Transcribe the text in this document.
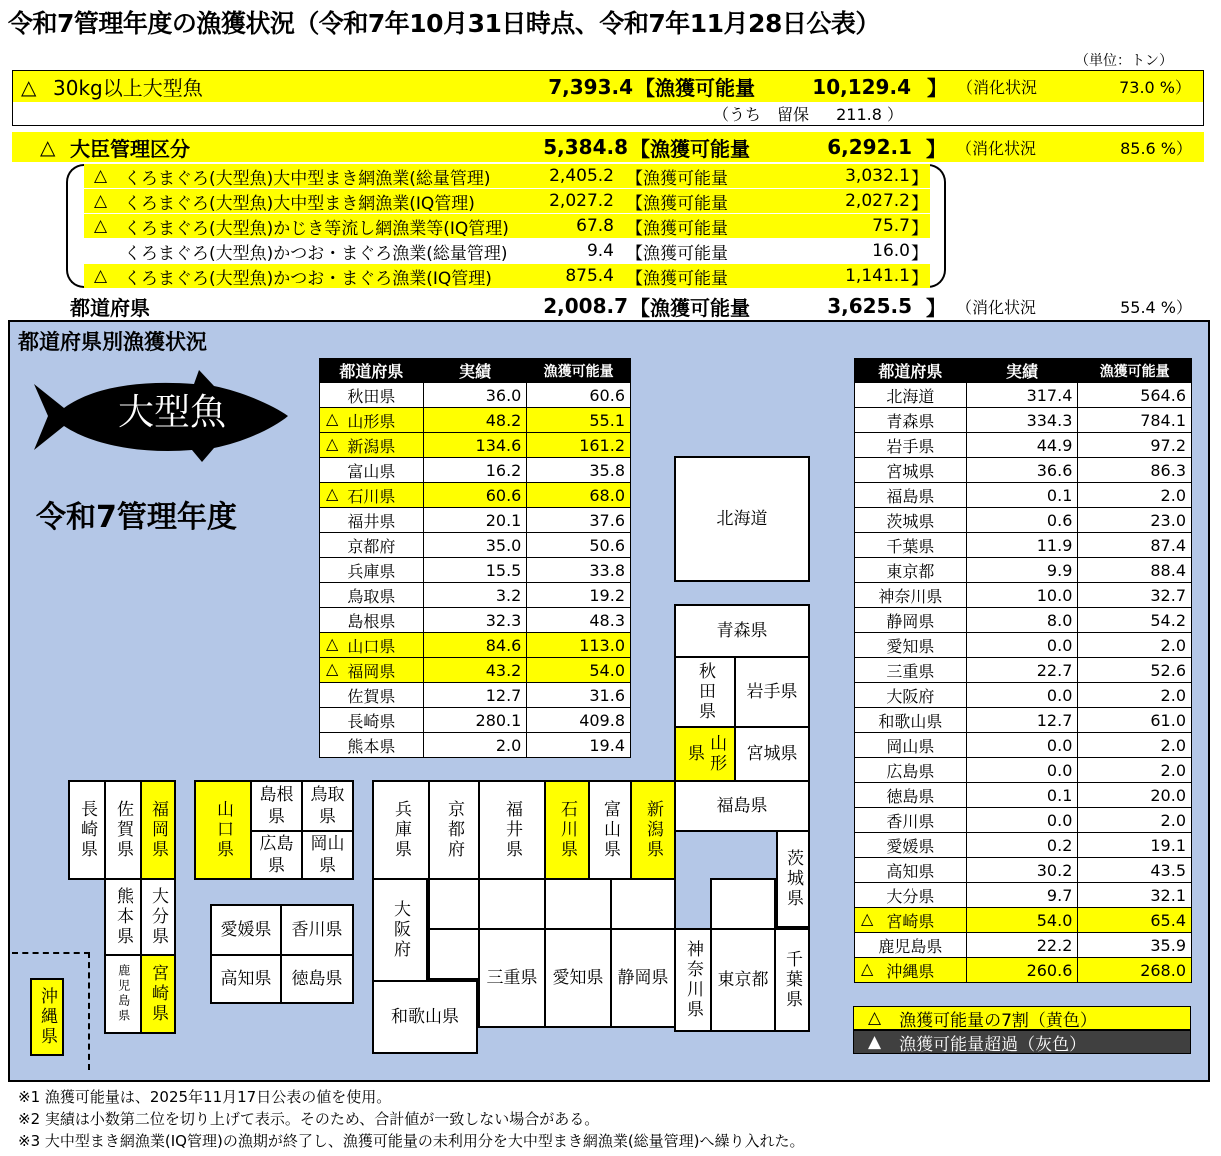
令和7管理年度の漁獲状況（令和7年10月31日時点、令和7年11月28日公表）
（単位：トン）
△ 30kg以上大型魚	7,393.4 【漁獲可能量	10,129.4 】 （消化状況	73.0 %）
（うち　留保 211.8 ）
△ 大臣管理区分	5,384.8 【漁獲可能量	6,292.1 】 （消化状況	85.6 %）
△ くろまぐろ(大型魚)大中型まき網漁業(総量管理)	2,405.2 【漁獲可能量	3,032.1 】
△ くろまぐろ(大型魚)大中型まき網漁業(IQ管理)	2,027.2 【漁獲可能量	2,027.2 】
△ くろまぐろ(大型魚)かじき等流し網漁業等(IQ管理)	67.8 【漁獲可能量	75.7 】
くろまぐろ(大型魚)かつお・まぐろ漁業(総量管理)	9.4 【漁獲可能量	16.0 】
△ くろまぐろ(大型魚)かつお・まぐろ漁業(IQ管理)	875.4 【漁獲可能量	1,141.1 】
都道府県	2,008.7 【漁獲可能量	3,625.5 】 （消化状況	55.4 %）
都道府県別漁獲状況
大型魚
令和7管理年度
都道府県	実績	漁獲可能量

秋田県	36.0	60.6

△ 山形県	48.2	55.1

△ 新潟県	134.6	161.2

富山県	16.2	35.8

△ 石川県	60.6	68.0

福井県	20.1	37.6

京都府	35.0	50.6

兵庫県	15.5	33.8

鳥取県	3.2	19.2

島根県	32.3	48.3

△ 山口県	84.6	113.0

△ 福岡県	43.2	54.0

佐賀県	12.7	31.6

長崎県	280.1	409.8

熊本県	2.0	19.4
都道府県	実績	漁獲可能量

北海道	317.4	564.6

青森県	334.3	784.1

岩手県	44.9	97.2

宮城県	36.6	86.3

福島県	0.1	2.0

茨城県	0.6	23.0

千葉県	11.9	87.4

東京都	9.9	88.4

神奈川県	10.0	32.7

静岡県	8.0	54.2

愛知県	0.0	2.0

三重県	22.7	52.6

大阪府	0.0	2.0

和歌山県	12.7	61.0

岡山県	0.0	2.0

広島県	0.0	2.0

徳島県	0.1	20.0

香川県	0.0	2.0

愛媛県	0.2	19.1

高知県	30.2	43.5

大分県	9.7	32.1

△ 宮崎県	54.0	65.4

鹿児島県	22.2	35.9

△ 沖縄県	260.6	268.0
北海道
青森県
秋田県 岩手県
山形県	宮城県
福島県
新潟県
茨城県
富山県
石川県
福井県
京都府
兵庫県
鳥取県
島根県
岡山県
広島県
山口県
福岡県
佐賀県
長崎県
熊本県 大分県
鹿児島県 宮崎県
大阪府
和歌山県
三重県 愛知県 静岡県 神奈川県 東京都 千葉県
愛媛県 香川県
高知県 徳島県
沖縄県	△ 漁獲可能量の7割（黄色）
▲ 漁獲可能量超過（灰色）
※1 漁獲可能量は、2025年11月17日公表の値を使用。
※2 実績は小数第二位を切り上げて表示。そのため、合計値が一致しない場合がある。
※3 大中型まき網漁業(IQ管理)の漁期が終了し、漁獲可能量の未利用分を大中型まき網漁業(総量管理)へ繰り入れた。
